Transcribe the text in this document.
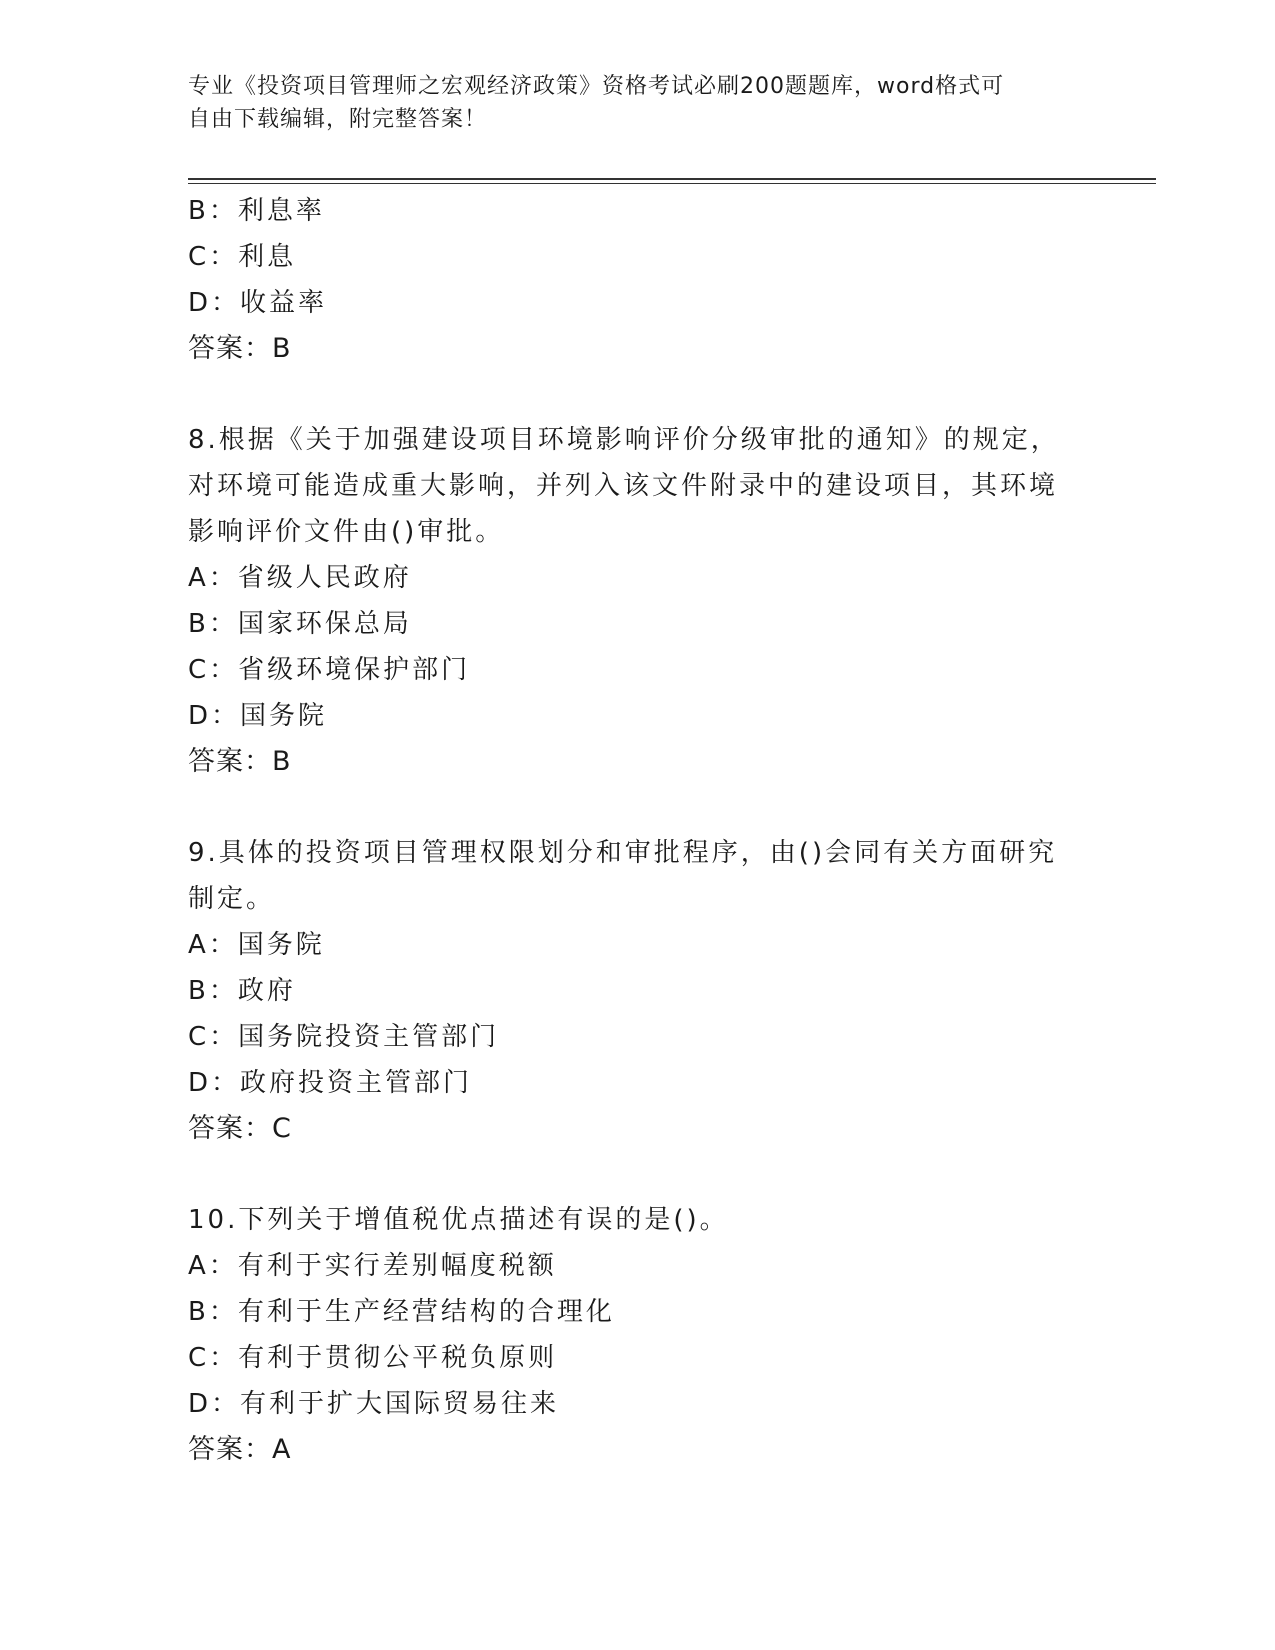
专业《投资项目管理师之宏观经济政策》资格考试必刷200题题库，word格式可
自由下载编辑，附完整答案！
B：利息率
C：利息
D：收益率
答案：B
8.根据《关于加强建设项目环境影响评价分级审批的通知》的规定，
对环境可能造成重大影响，并列入该文件附录中的建设项目，其环境
影响评价文件由()审批。
A：省级人民政府
B：国家环保总局
C：省级环境保护部门
D：国务院
答案：B
9.具体的投资项目管理权限划分和审批程序，由()会同有关方面研究
制定。
A：国务院
B：政府
C：国务院投资主管部门
D：政府投资主管部门
答案：C
10.下列关于增值税优点描述有误的是()。
A：有利于实行差别幅度税额
B：有利于生产经营结构的合理化
C：有利于贯彻公平税负原则
D：有利于扩大国际贸易往来
答案：A
